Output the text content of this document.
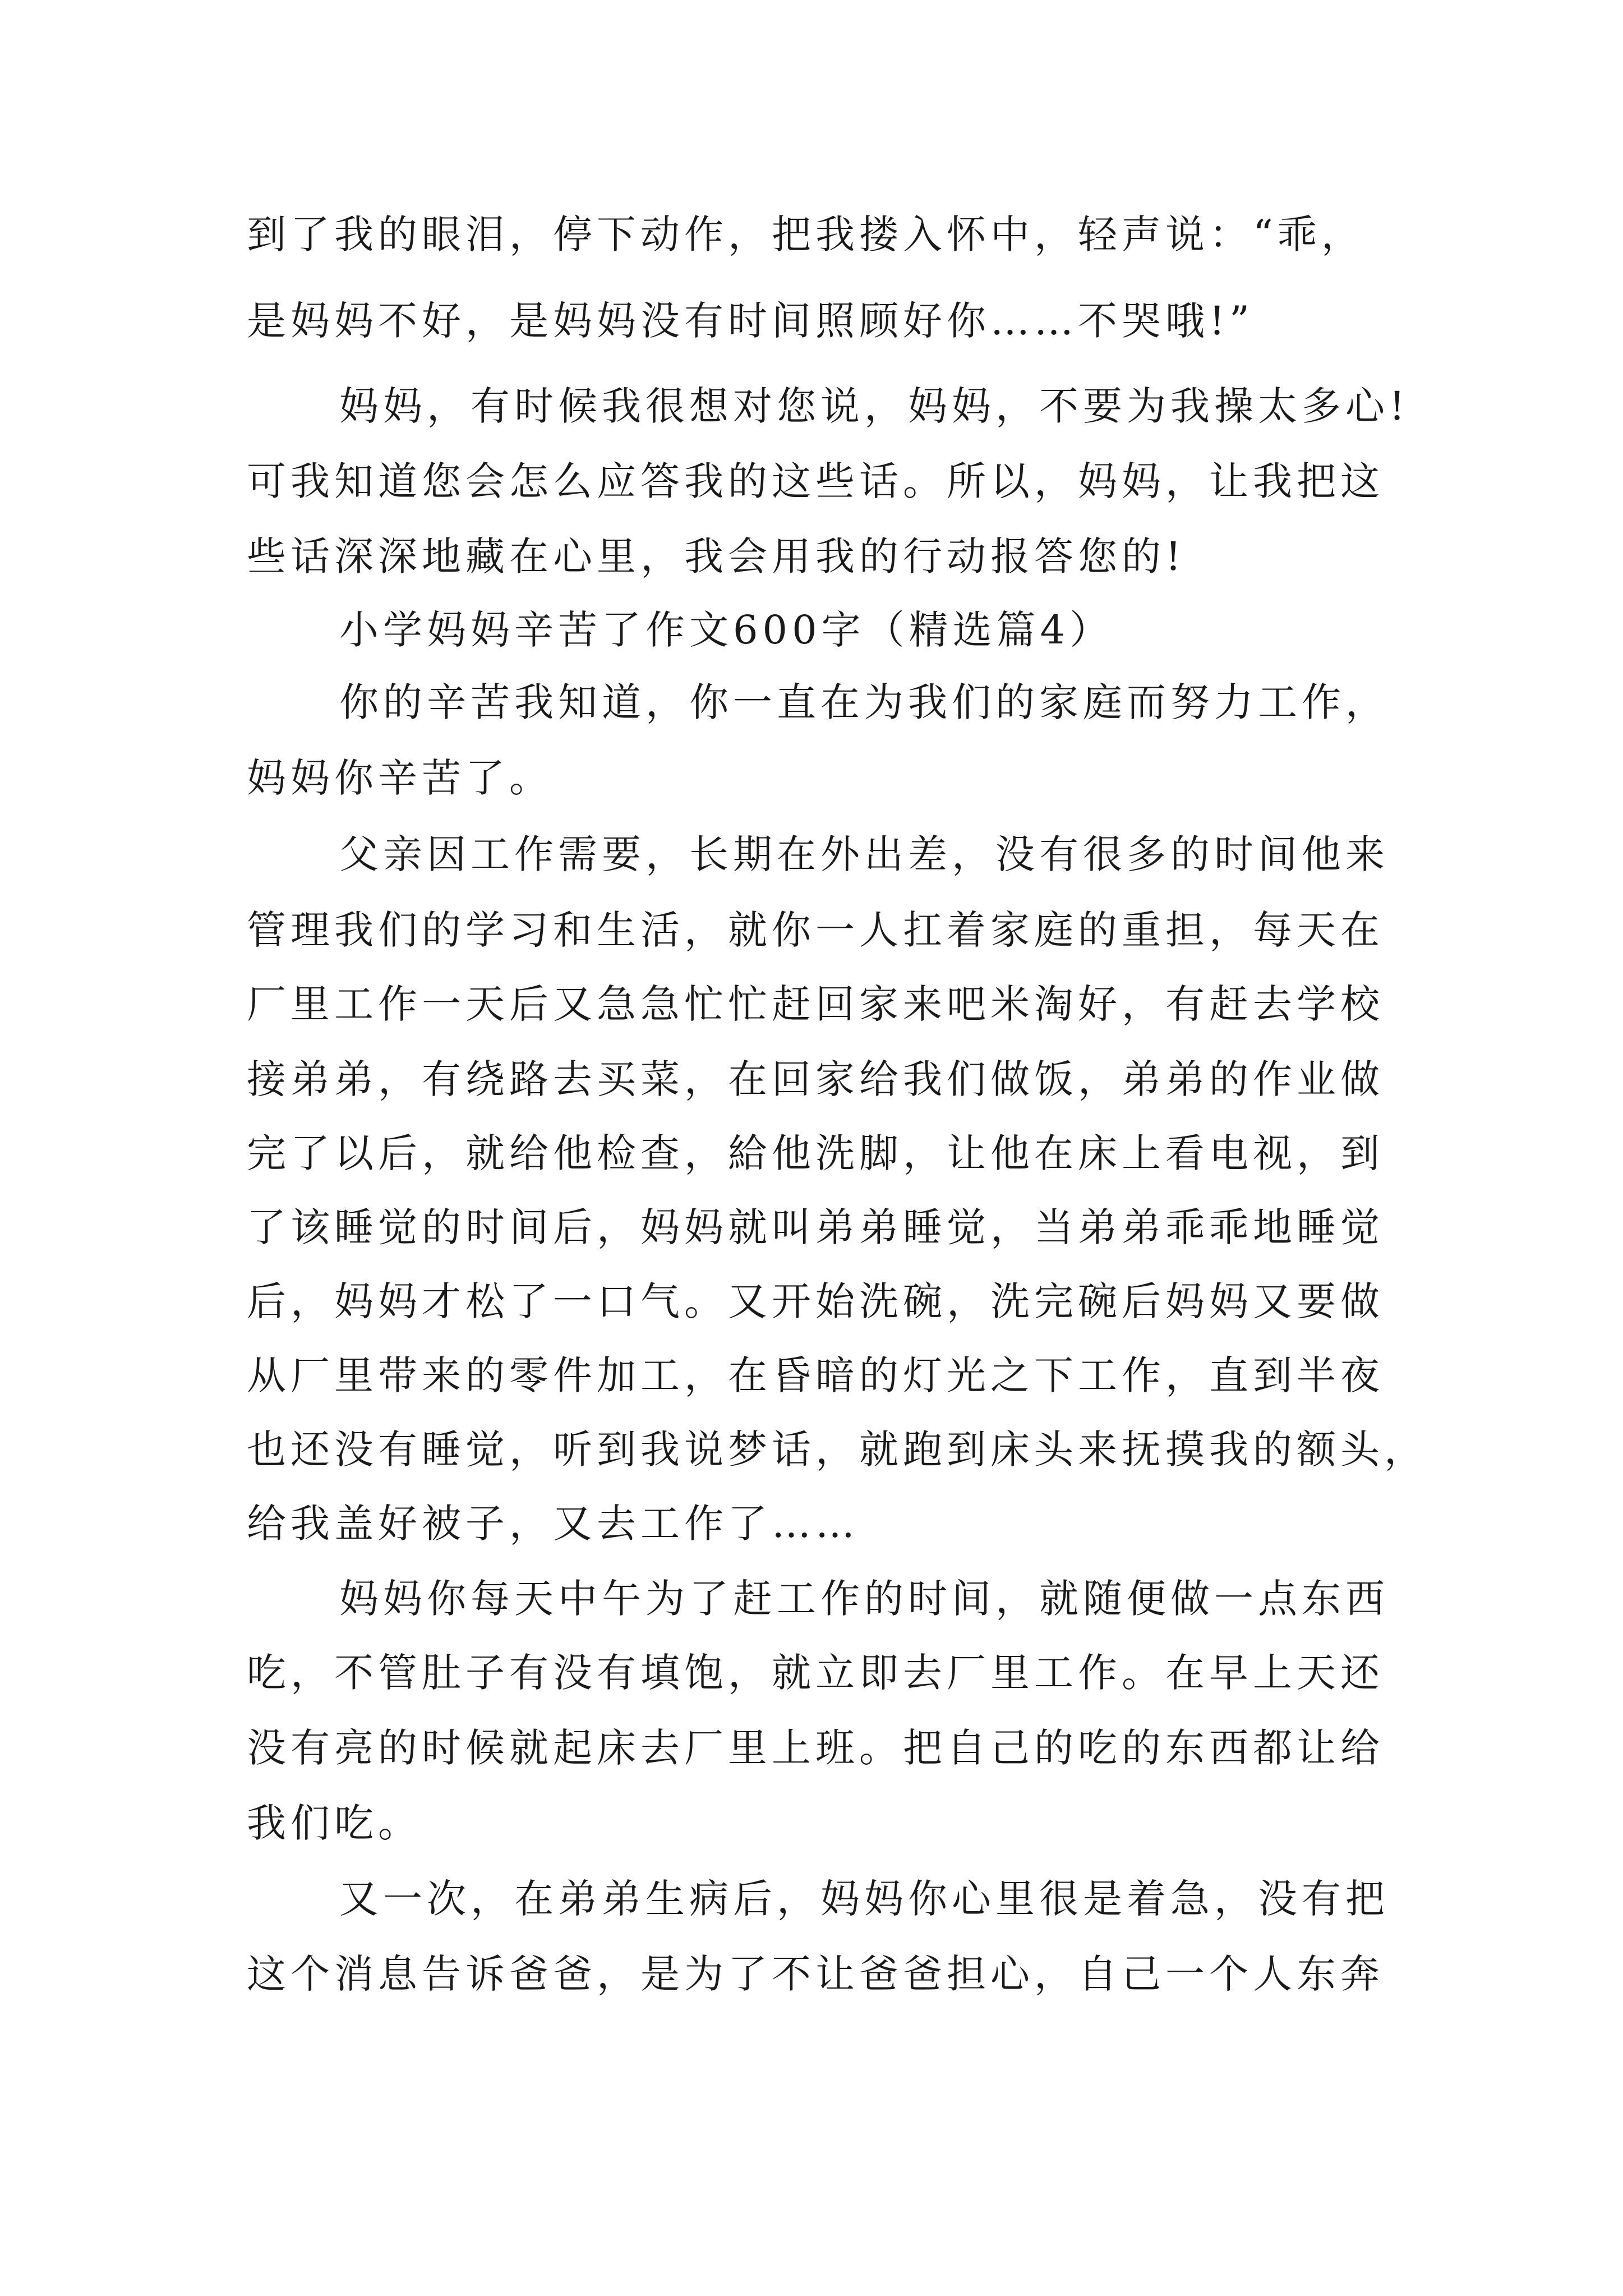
到了我的眼泪，停下动作，把我搂入怀中，轻声说：“乖，
是妈妈不好，是妈妈没有时间照顾好你……不哭哦!”
妈妈，有时候我很想对您说，妈妈，不要为我操太多心!
可我知道您会怎么应答我的这些话。所以，妈妈，让我把这
些话深深地藏在心里，我会用我的行动报答您的!
小学妈妈辛苦了作文600字（精选篇4）
你的辛苦我知道，你一直在为我们的家庭而努力工作，
妈妈你辛苦了。
父亲因工作需要，长期在外出差，没有很多的时间他来
管理我们的学习和生活，就你一人扛着家庭的重担，每天在
厂里工作一天后又急急忙忙赶回家来吧米淘好，有赶去学校
接弟弟，有绕路去买菜，在回家给我们做饭，弟弟的作业做
完了以后，就给他检查，給他洗脚，让他在床上看电视，到
了该睡觉的时间后，妈妈就叫弟弟睡觉，当弟弟乖乖地睡觉
后，妈妈才松了一口气。又开始洗碗，洗完碗后妈妈又要做
从厂里带来的零件加工，在昏暗的灯光之下工作，直到半夜
也还没有睡觉，听到我说梦话，就跑到床头来抚摸我的额头，
给我盖好被子，又去工作了……
妈妈你每天中午为了赶工作的时间，就随便做一点东西
吃，不管肚子有没有填饱，就立即去厂里工作。在早上天还
没有亮的时候就起床去厂里上班。把自己的吃的东西都让给
我们吃。
又一次，在弟弟生病后，妈妈你心里很是着急，没有把
这个消息告诉爸爸，是为了不让爸爸担心，自己一个人东奔
